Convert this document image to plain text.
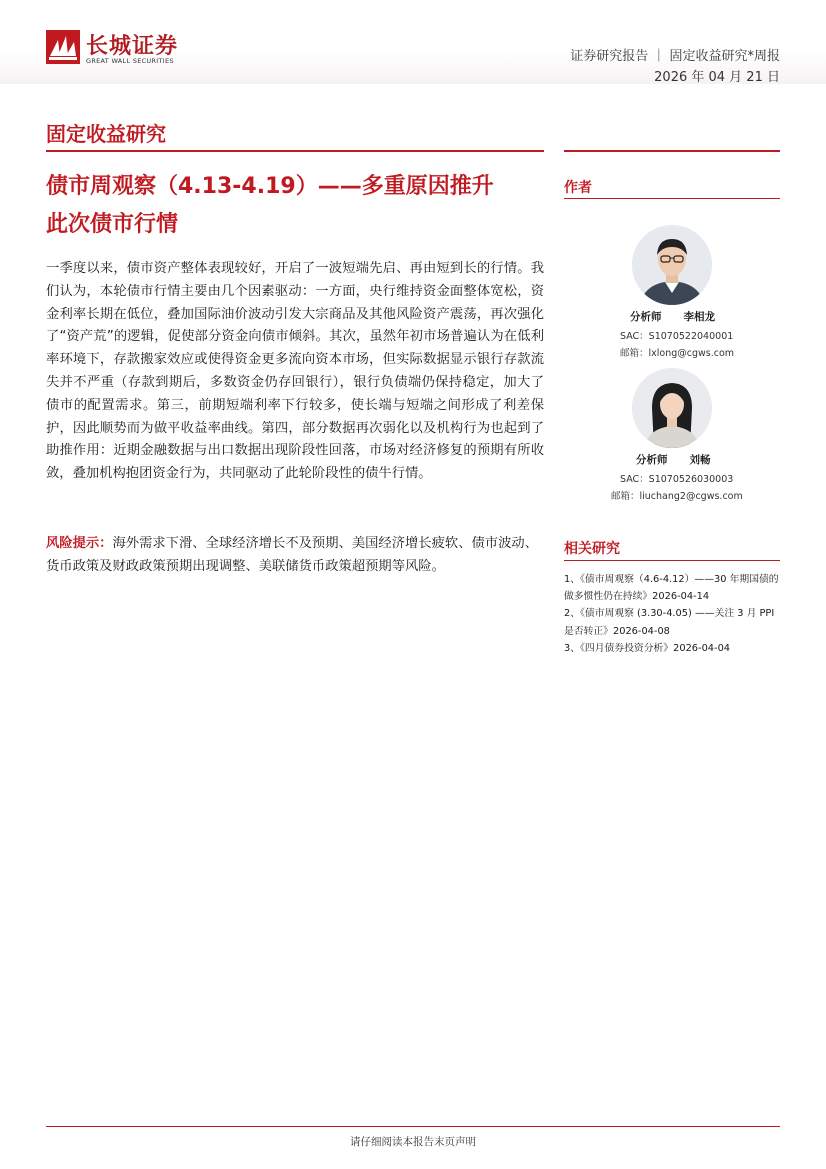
长城证券
GREAT WALL SECURITIES	证券研究报告 ｜ 固定收益研究*周报
2026 年 04 月 21 日
固定收益研究
债市周观察（4.13-4.19）——多重原因推升
此次债市行情
一季度以来，债市资产整体表现较好，开启了一波短端先启、再由短到长的行情。我们认为，本轮债市行情主要由几个因素驱动：一方面，央行维持资金面整体宽松，资金利率长期在低位，叠加国际油价波动引发大宗商品及其他风险资产震荡，再次强化了“资产荒”的逻辑，促使部分资金向债市倾斜。其次，虽然年初市场普遍认为在低利率环境下，存款搬家效应或使得资金更多流向资本市场，但实际数据显示银行存款流失并不严重（存款到期后，多数资金仍存回银行），银行负债端仍保持稳定，加大了债市的配置需求。第三，前期短端利率下行较多，使长端与短端之间形成了利差保护，因此顺势而为做平收益率曲线。第四，部分数据再次弱化以及机构行为也起到了助推作用：近期金融数据与出口数据出现阶段性回落，市场对经济修复的预期有所收敛，叠加机构抱团资金行为，共同驱动了此轮阶段性的债牛行情。
风险提示：海外需求下滑、全球经济增长不及预期、美国经济增长疲软、债市波动、货币政策及财政政策预期出现调整、美联储货币政策超预期等风险。
作者
分析师 李相龙
SAC：S1070522040001
邮箱：lxlong@cgws.com
分析师 刘畅
SAC：S1070526030003
邮箱：liuchang2@cgws.com
相关研究
1、《债市周观察（4.6-4.12）——30 年期国债的做多惯性仍在持续》2026-04-14
2、《债市周观察 (3.30-4.05) ——关注 3 月 PPI 是否转正》2026-04-08
3、《四月债券投资分析》2026-04-04
请仔细阅读本报告末页声明
